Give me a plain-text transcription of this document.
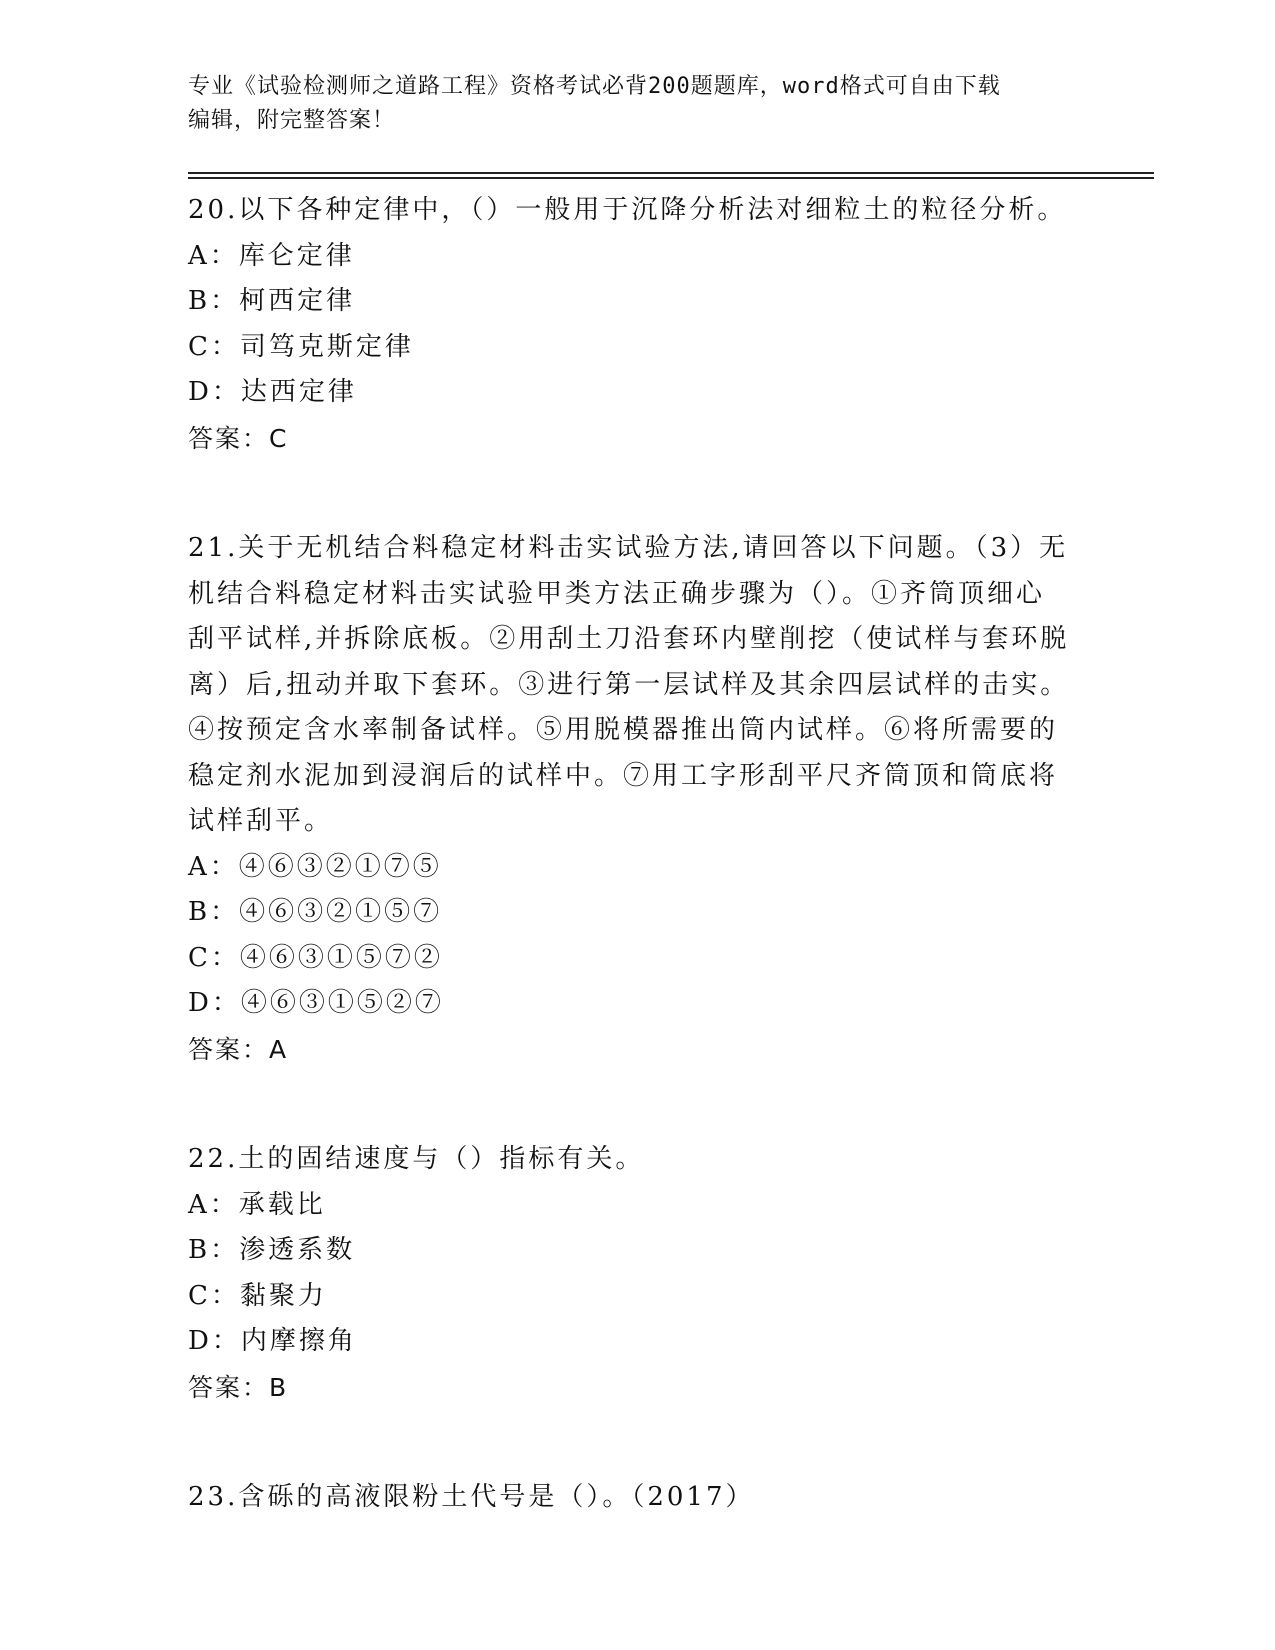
专业《试验检测师之道路工程》资格考试必背200题题库，word格式可自由下载
编辑，附完整答案！

20.以下各种定律中，（）一般用于沉降分析法对细粒土的粒径分析。

A：库仑定律

B：柯西定律

C：司笃克斯定律

D：达西定律

答案：C

21.关于无机结合料稳定材料击实试验方法,请回答以下问题。（3）无

机结合料稳定材料击实试验甲类方法正确步骤为（）。①齐筒顶细心

刮平试样,并拆除底板。②用刮土刀沿套环内壁削挖（使试样与套环脱

离）后,扭动并取下套环。③进行第一层试样及其余四层试样的击实。

④按预定含水率制备试样。⑤用脱模器推出筒内试样。⑥将所需要的

稳定剂水泥加到浸润后的试样中。⑦用工字形刮平尺齐筒顶和筒底将

试样刮平。

A：④⑥③②①⑦⑤

B：④⑥③②①⑤⑦

C：④⑥③①⑤⑦②

D：④⑥③①⑤②⑦

答案：A

22.土的固结速度与（）指标有关。

A：承载比

B：渗透系数

C：黏聚力

D：内摩擦角

答案：B

23.含砾的高液限粉土代号是（）。（2017）
